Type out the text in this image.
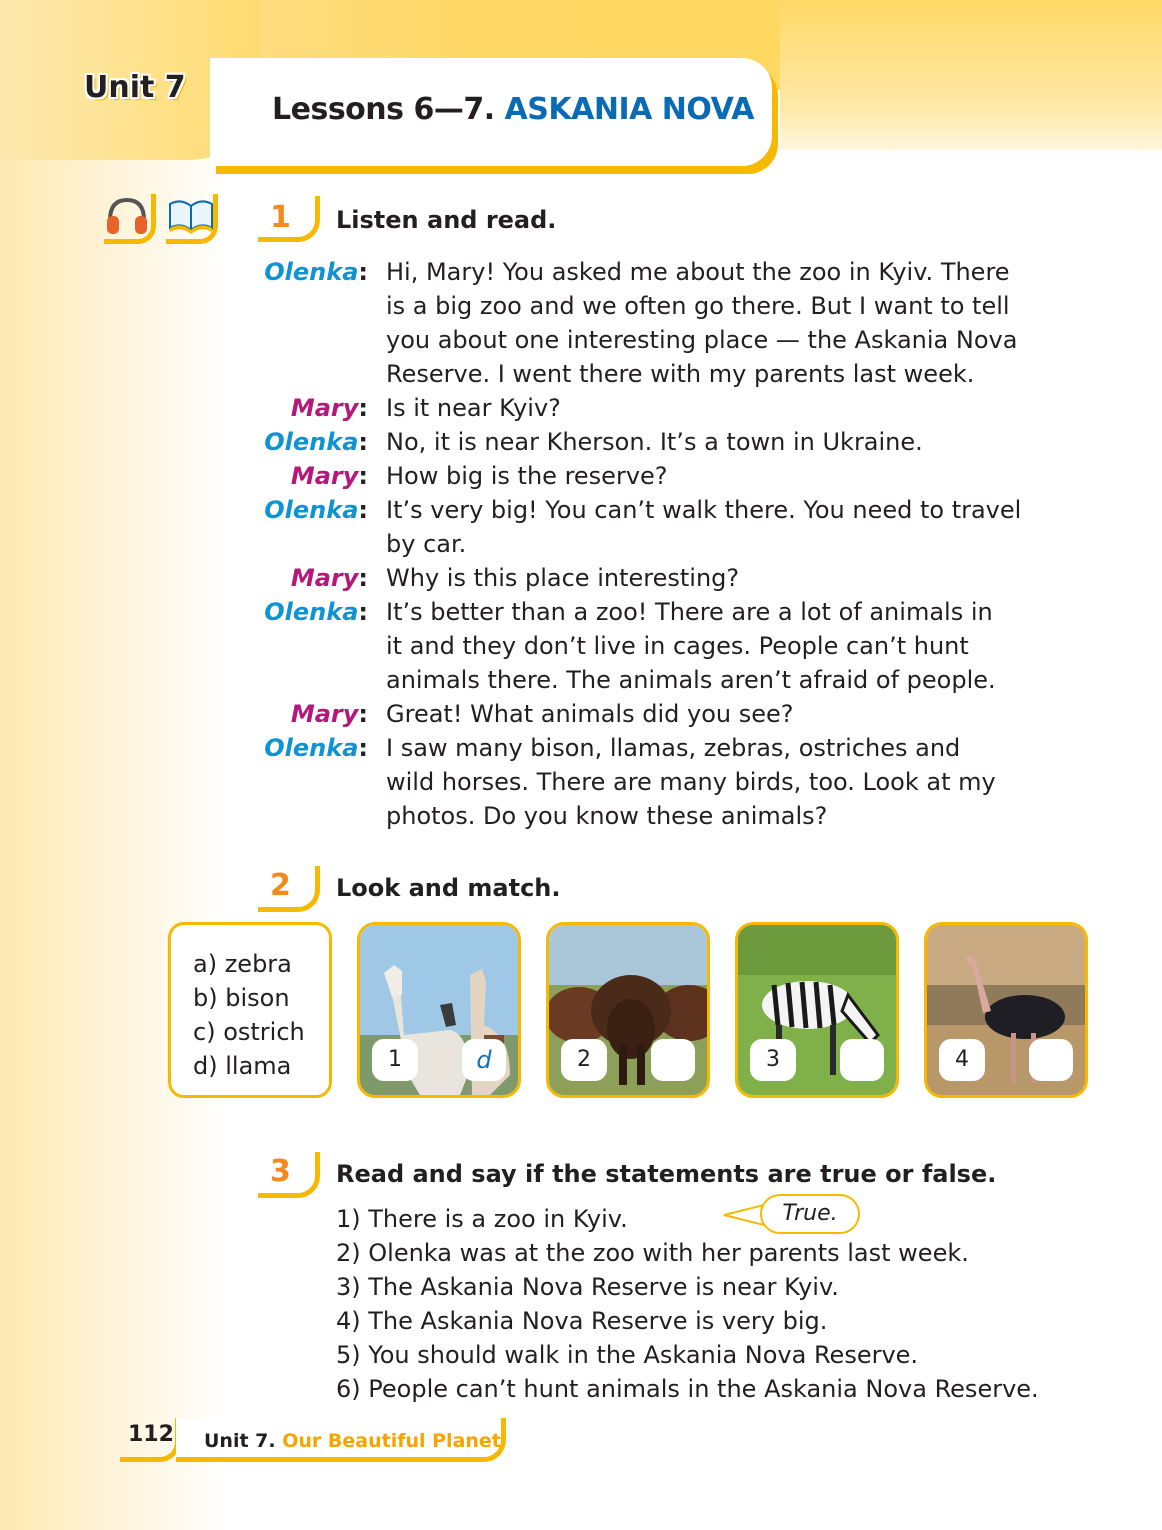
Unit 7
Lessons 6—7. ASKANIA NOVA
1 Listen and read.
Olenka: Hi, Mary! You asked me about the zoo in Kyiv. There
is a big zoo and we often go there. But I want to tell
you about one interesting place — the Askania Nova
Reserve. I went there with my parents last week.
Mary: Is it near Kyiv?
Olenka: No, it is near Kherson. It’s a town in Ukraine.
Mary: How big is the reserve?
Olenka: It’s very big! You can’t walk there. You need to travel
by car.
Mary: Why is this place interesting?
Olenka: It’s better than a zoo! There are a lot of animals in
it and they don’t live in cages. People can’t hunt
animals there. The animals aren’t afraid of people.
Mary: Great! What animals did you see?
Olenka: I saw many bison, llamas, zebras, ostriches and
wild horses. There are many birds, too. Look at my
photos. Do you know these animals?
2 Look and match.
a) zebra
b) bison
c) ostrich
d) llama	1	d	2	3	4
3 Read and say if the statements are true or false.
1) There is a zoo in Kyiv.
2) Olenka was at the zoo with her parents last week.
3) The Askania Nova Reserve is near Kyiv.
4) The Askania Nova Reserve is very big.
5) You should walk in the Askania Nova Reserve.
6) People can’t hunt animals in the Askania Nova Reserve.
True.
112 Unit 7. Our Beautiful Planet
